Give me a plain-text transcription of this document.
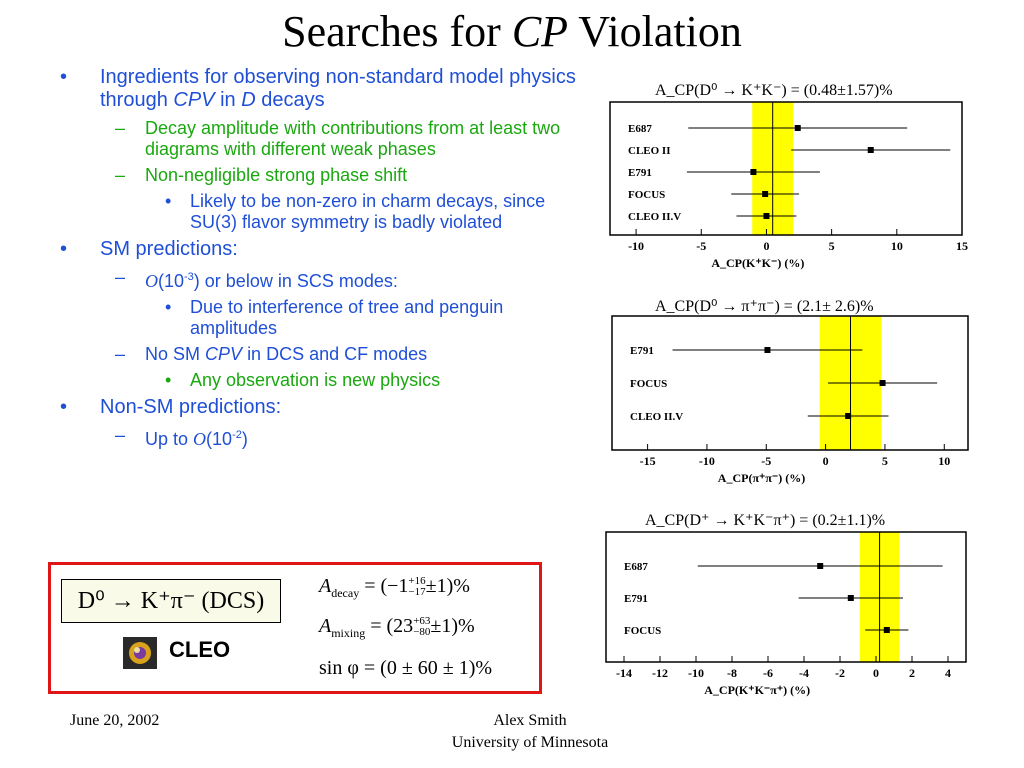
Searches for CP Violation
• Ingredients for observing non-standard model physics through CPV in D decays
– Decay amplitude with contributions from at least two diagrams with different weak phases
– Non-negligible strong phase shift
• Likely to be non-zero in charm decays, since SU(3) flavor symmetry is badly violated
• SM predictions:
– $O(10^{-3})$ or below in SCS modes:
• Due to interference of tree and penguin amplitudes
– No SM CPV in DCS and CF modes
• Any observation is new physics
• Non-SM predictions:
– Up to $O(10^{-2})$
D⁰ → K⁺π⁻ (DCS)
CLEO
$A_{decay} = (-1+16$
−17±1)%
$A_{mixing} = (23+63$
−80±1)%
sin φ = (0 ± 60 ± 1)%
A_CP(D⁰ → K⁺K⁻) = (0.48±1.57)%
E687
CLEO II
E791
FOCUS
CLEO II.V
-10	-5	0	5	10	15
A_CP(K⁺K⁻) (%)
A_CP(D⁰ → π⁺π⁻) = (2.1± 2.6)%
E791
FOCUS
CLEO II.V
-15	-10	-5	0	5	10
A_CP(π⁺π⁻) (%)
A_CP(D⁺ → K⁺K⁻π⁺) = (0.2±1.1)%
E687
E791
FOCUS
-14 -12 -10 -8 -6 -4 -2 0	2	4
A_CP(K⁺K⁻π⁺) (%)
June 20, 2002	Alex Smith
University of Minnesota
